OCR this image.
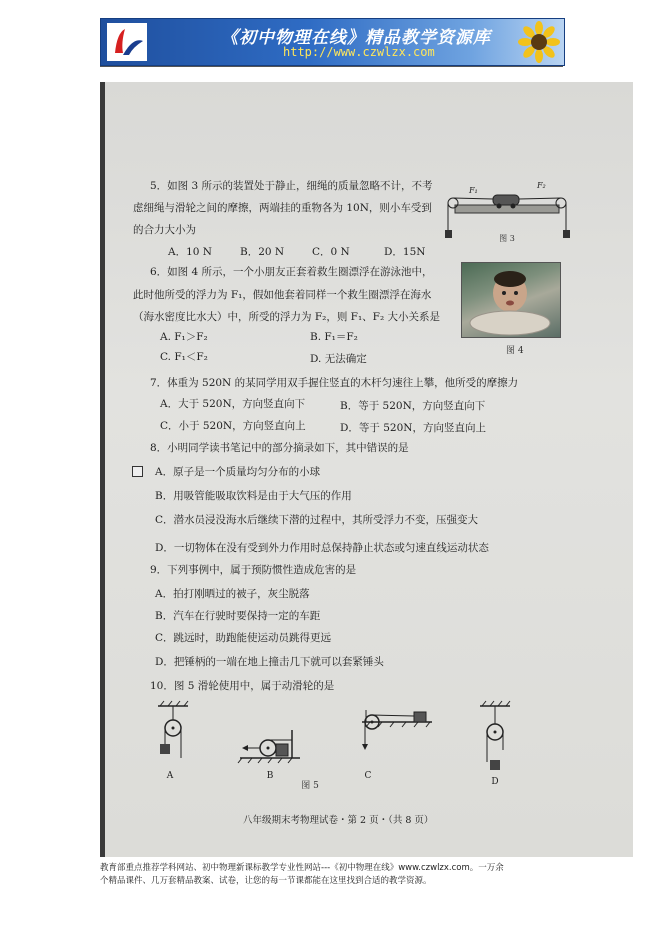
《初中物理在线》精品教学资源库
http://www.czwlzx.com
5．如图 3 所示的装置处于静止，细绳的质量忽略不计，不考
虑细绳与滑轮之间的摩擦，两端挂的重物各为 10N，则小车受到
的合力大小为
A．10 N	B．20 N	C．0 N	D．15N
F₁
F₂
图 3
6．如图 4 所示，一个小朋友正套着救生圈漂浮在游泳池中，
此时他所受的浮力为 F₁，假如他套着同样一个救生圈漂浮在海水
（海水密度比水大）中，所受的浮力为 F₂，则 F₁、F₂ 大小关系是
A. F₁＞F₂	B. F₁＝F₂
C. F₁＜F₂	D. 无法确定
图 4
7．体重为 520N 的某同学用双手握住竖直的木杆匀速往上攀，他所受的摩擦力
A．大于 520N，方向竖直向下	B．等于 520N，方向竖直向下
C．小于 520N，方向竖直向上	D．等于 520N，方向竖直向上
8．小明同学读书笔记中的部分摘录如下，其中错误的是
A．原子是一个质量均匀分布的小球
B．用吸管能吸取饮料是由于大气压的作用
C．潜水员浸没海水后继续下潜的过程中，其所受浮力不变，压强变大
D．一切物体在没有受到外力作用时总保持静止状态或匀速直线运动状态
9．下列事例中，属于预防惯性造成危害的是
A．拍打刚晒过的被子，灰尘脱落
B．汽车在行驶时要保持一定的车距
C．跳远时，助跑能使运动员跳得更远
D．把锤柄的一端在地上撞击几下就可以套紧锤头
10．图 5 滑轮使用中，属于动滑轮的是
A	B	C
D
图 5
八年级期末考物理试卷・第 2 页・（共 8 页）
教育部重点推荐学科网站、初中物理新课标教学专业性网站---《初中物理在线》www.czwlzx.com。一万余
个精品课件、几万套精品教案、试卷，让您的每一节课都能在这里找到合适的教学资源。
